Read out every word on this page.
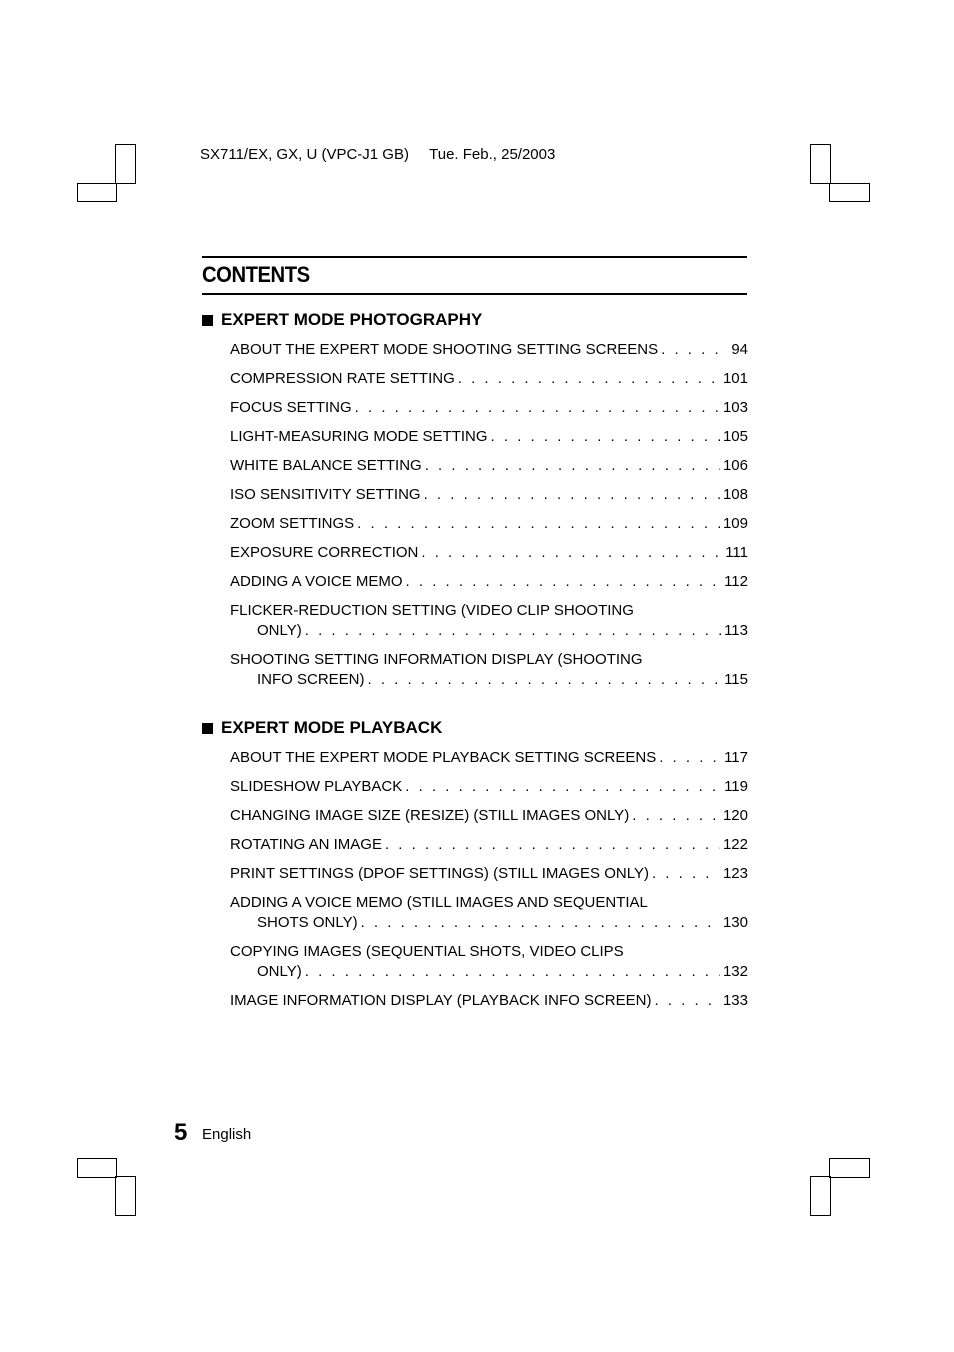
SX711/EX, GX, U (VPC-J1 GB) Tue. Feb., 25/2003
CONTENTS
EXPERT MODE PHOTOGRAPHY
ABOUT THE EXPERT MODE SHOOTING SETTING SCREENS . . .	94
COMPRESSION RATE SETTING . . .	101
FOCUS SETTING . . .	103
LIGHT-MEASURING MODE SETTING . . .	105
WHITE BALANCE SETTING . . .	106
ISO SENSITIVITY SETTING . . .	108
ZOOM SETTINGS . . .	109
EXPOSURE CORRECTION . . .	111
ADDING A VOICE MEMO . . .	112
FLICKER-REDUCTION SETTING (VIDEO CLIP SHOOTING
ONLY) . . .	113
SHOOTING SETTING INFORMATION DISPLAY (SHOOTING
INFO SCREEN) . . .	115
EXPERT MODE PLAYBACK
ABOUT THE EXPERT MODE PLAYBACK SETTING SCREENS . . .	117
SLIDESHOW PLAYBACK . . .	119
CHANGING IMAGE SIZE (RESIZE) (STILL IMAGES ONLY) . . .	120
ROTATING AN IMAGE . . .	122
PRINT SETTINGS (DPOF SETTINGS) (STILL IMAGES ONLY) . . .	123
ADDING A VOICE MEMO (STILL IMAGES AND SEQUENTIAL
SHOTS ONLY) . . .	130
COPYING IMAGES (SEQUENTIAL SHOTS, VIDEO CLIPS
ONLY) . . .	132
IMAGE INFORMATION DISPLAY (PLAYBACK INFO SCREEN) . . .	133
5 English
